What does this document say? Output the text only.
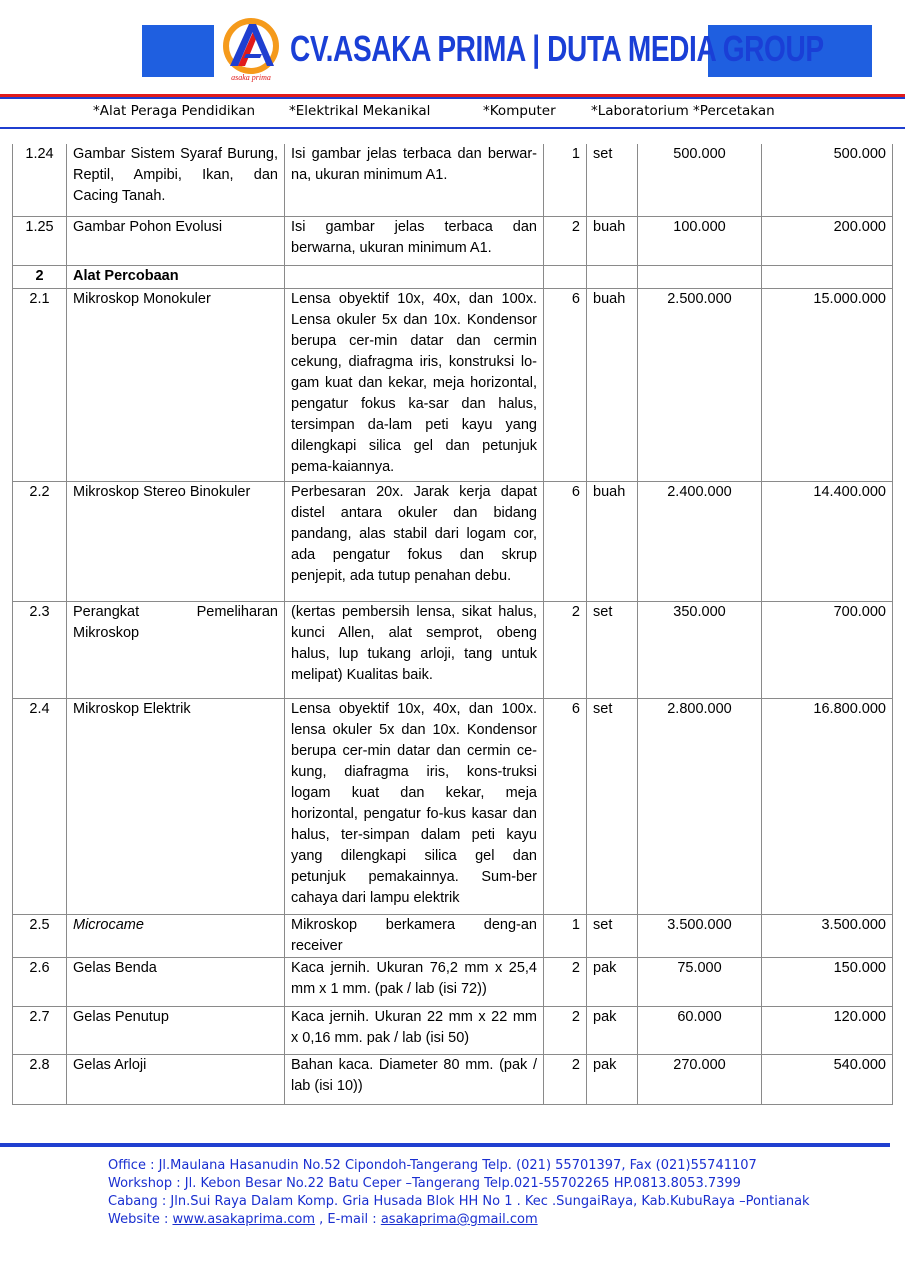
asaka prima
CV.ASAKA PRIMA | DUTA MEDIA GROUP
*Alat Peraga Pendidikan	*Elektrikal Mekanikal	*Komputer	*Laboratorium *Percetakan
1.24	Gambar Sistem Syaraf Burung, Reptil, Ampibi, Ikan, dan Cacing Tanah.	Isi gambar jelas terbaca dan berwar-na, ukuran minimum A1.	1	set	500.000	500.000
1.25	Gambar Pohon Evolusi	Isi gambar jelas terbaca dan berwarna, ukuran minimum A1.	2	buah	100.000	200.000
2	Alat Percobaan					
2.1	Mikroskop Monokuler	Lensa obyektif 10x, 40x, dan 100x. Lensa okuler 5x dan 10x. Kondensor berupa cer-min datar dan cermin cekung, diafragma iris, konstruksi lo-gam kuat dan kekar, meja horizontal, pengatur fokus ka-sar dan halus, tersimpan da-lam peti kayu yang dilengkapi silica gel dan petunjuk pema-kaiannya.	6	buah	2.500.000	15.000.000
2.2	Mikroskop Stereo Binokuler	Perbesaran 20x. Jarak kerja dapat distel antara okuler dan bidang pandang, alas stabil dari logam cor, ada pengatur fokus dan skrup penjepit, ada tutup penahan debu.	6	buah	2.400.000	14.400.000
2.3	Perangkat Pemeliharan Mikroskop	(kertas pembersih lensa, sikat halus, kunci Allen, alat semprot, obeng halus, lup tukang arloji, tang untuk melipat) Kualitas baik.	2	set	350.000	700.000
2.4	Mikroskop Elektrik	Lensa obyektif 10x, 40x, dan 100x. lensa okuler 5x dan 10x. Kondensor berupa cer-min datar dan cermin ce-kung, diafragma iris, kons-truksi logam kuat dan kekar, meja horizontal, pengatur fo-kus kasar dan halus, ter-simpan dalam peti kayu yang dilengkapi silica gel dan petunjuk pemakainnya. Sum-ber cahaya dari lampu elektrik	6	set	2.800.000	16.800.000
2.5	Microcame	Mikroskop berkamera deng-an receiver	1	set	3.500.000	3.500.000
2.6	Gelas Benda	Kaca jernih. Ukuran 76,2 mm x 25,4 mm x 1 mm. (pak / lab (isi 72))	2	pak	75.000	150.000
2.7	Gelas Penutup	Kaca jernih. Ukuran 22 mm x 22 mm x 0,16 mm. pak / lab (isi 50)	2	pak	60.000	120.000
2.8	Gelas Arloji	Bahan kaca. Diameter 80 mm. (pak / lab (isi 10))	2	pak	270.000	540.000
Office : Jl.Maulana Hasanudin No.52 Cipondoh-Tangerang Telp. (021) 55701397, Fax (021)55741107
Workshop : Jl. Kebon Besar No.22 Batu Ceper –Tangerang Telp.021-55702265 HP.0813.8053.7399
Cabang : Jln.Sui Raya Dalam Komp. Gria Husada Blok HH No 1 . Kec .SungaiRaya, Kab.KubuRaya –Pontianak
Website : www.asakaprima.com , E-mail : asakaprima@gmail.com
